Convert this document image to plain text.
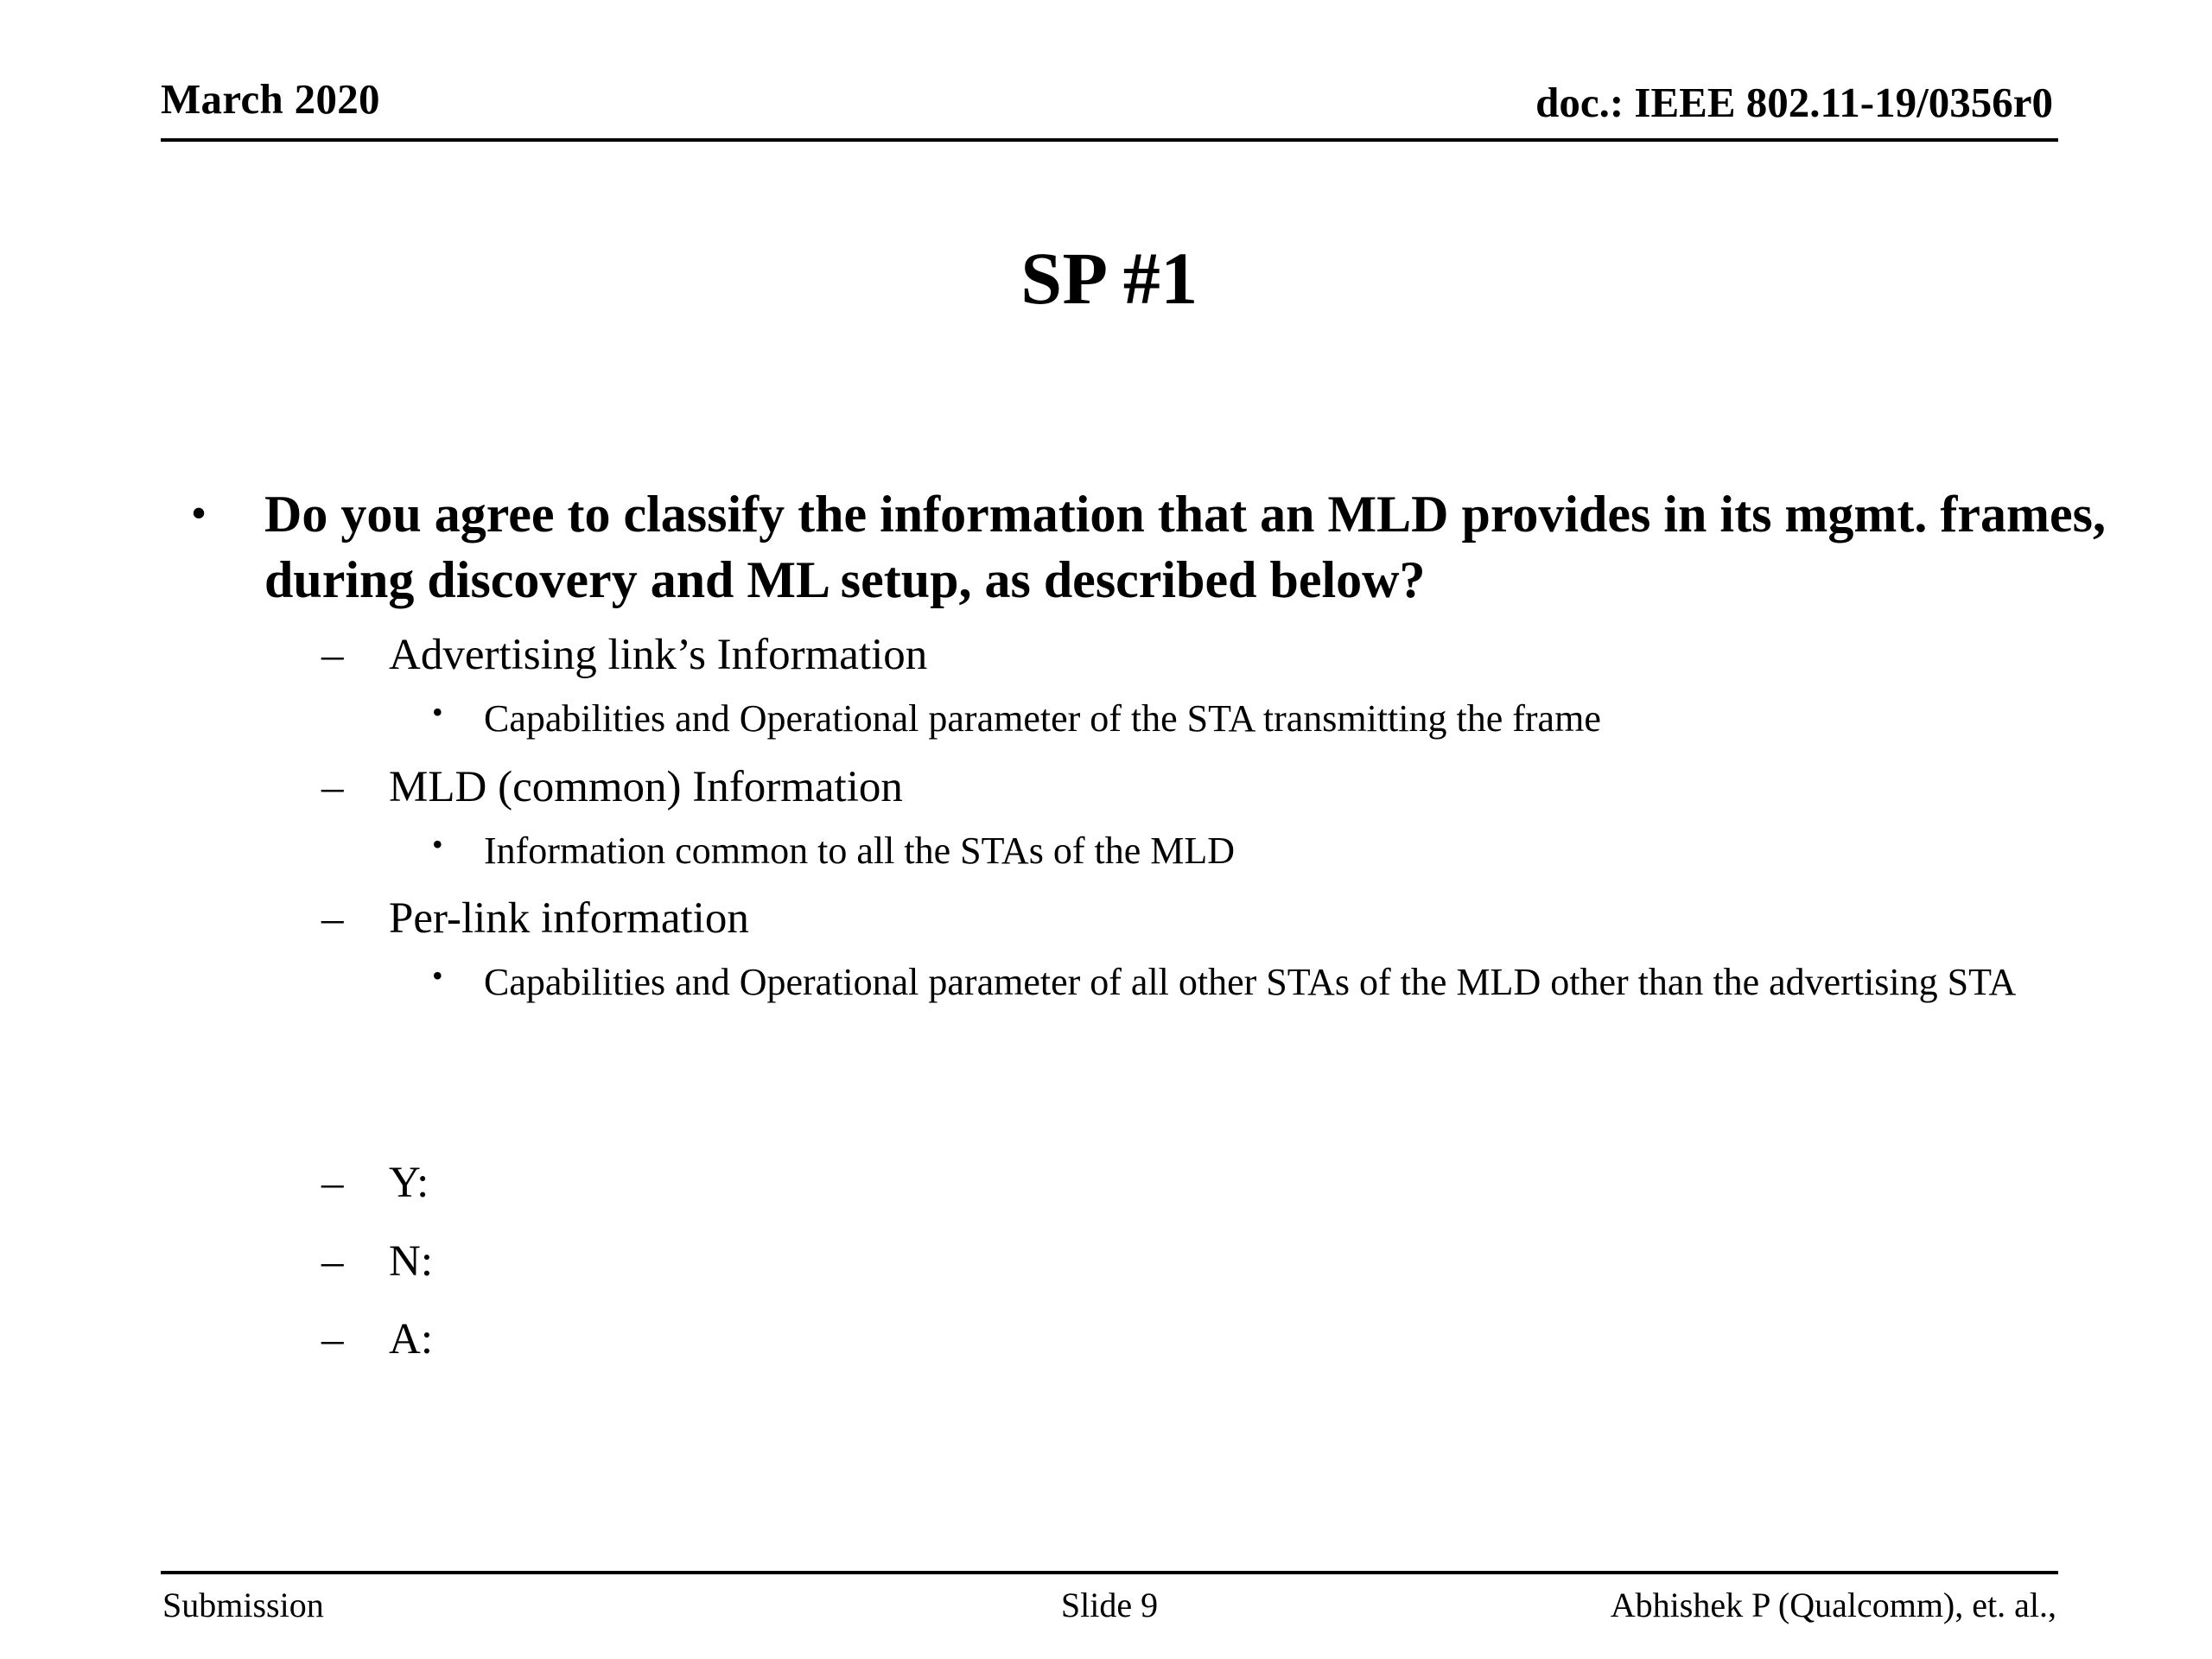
March 2020	doc.: IEEE 802.11-19/0356r0
SP #1
• Do you agree to classify the information that an MLD provides in its mgmt. frames, during discovery and ML setup, as described below?
– Advertising link’s Information
• Capabilities and Operational parameter of the STA transmitting the frame
– MLD (common) Information
• Information common to all the STAs of the MLD
– Per-link information
• Capabilities and Operational parameter of all other STAs of the MLD other than the advertising STA
– Y:
– N:
– A:
Submission	Slide 9	Abhishek P (Qualcomm), et. al.,
